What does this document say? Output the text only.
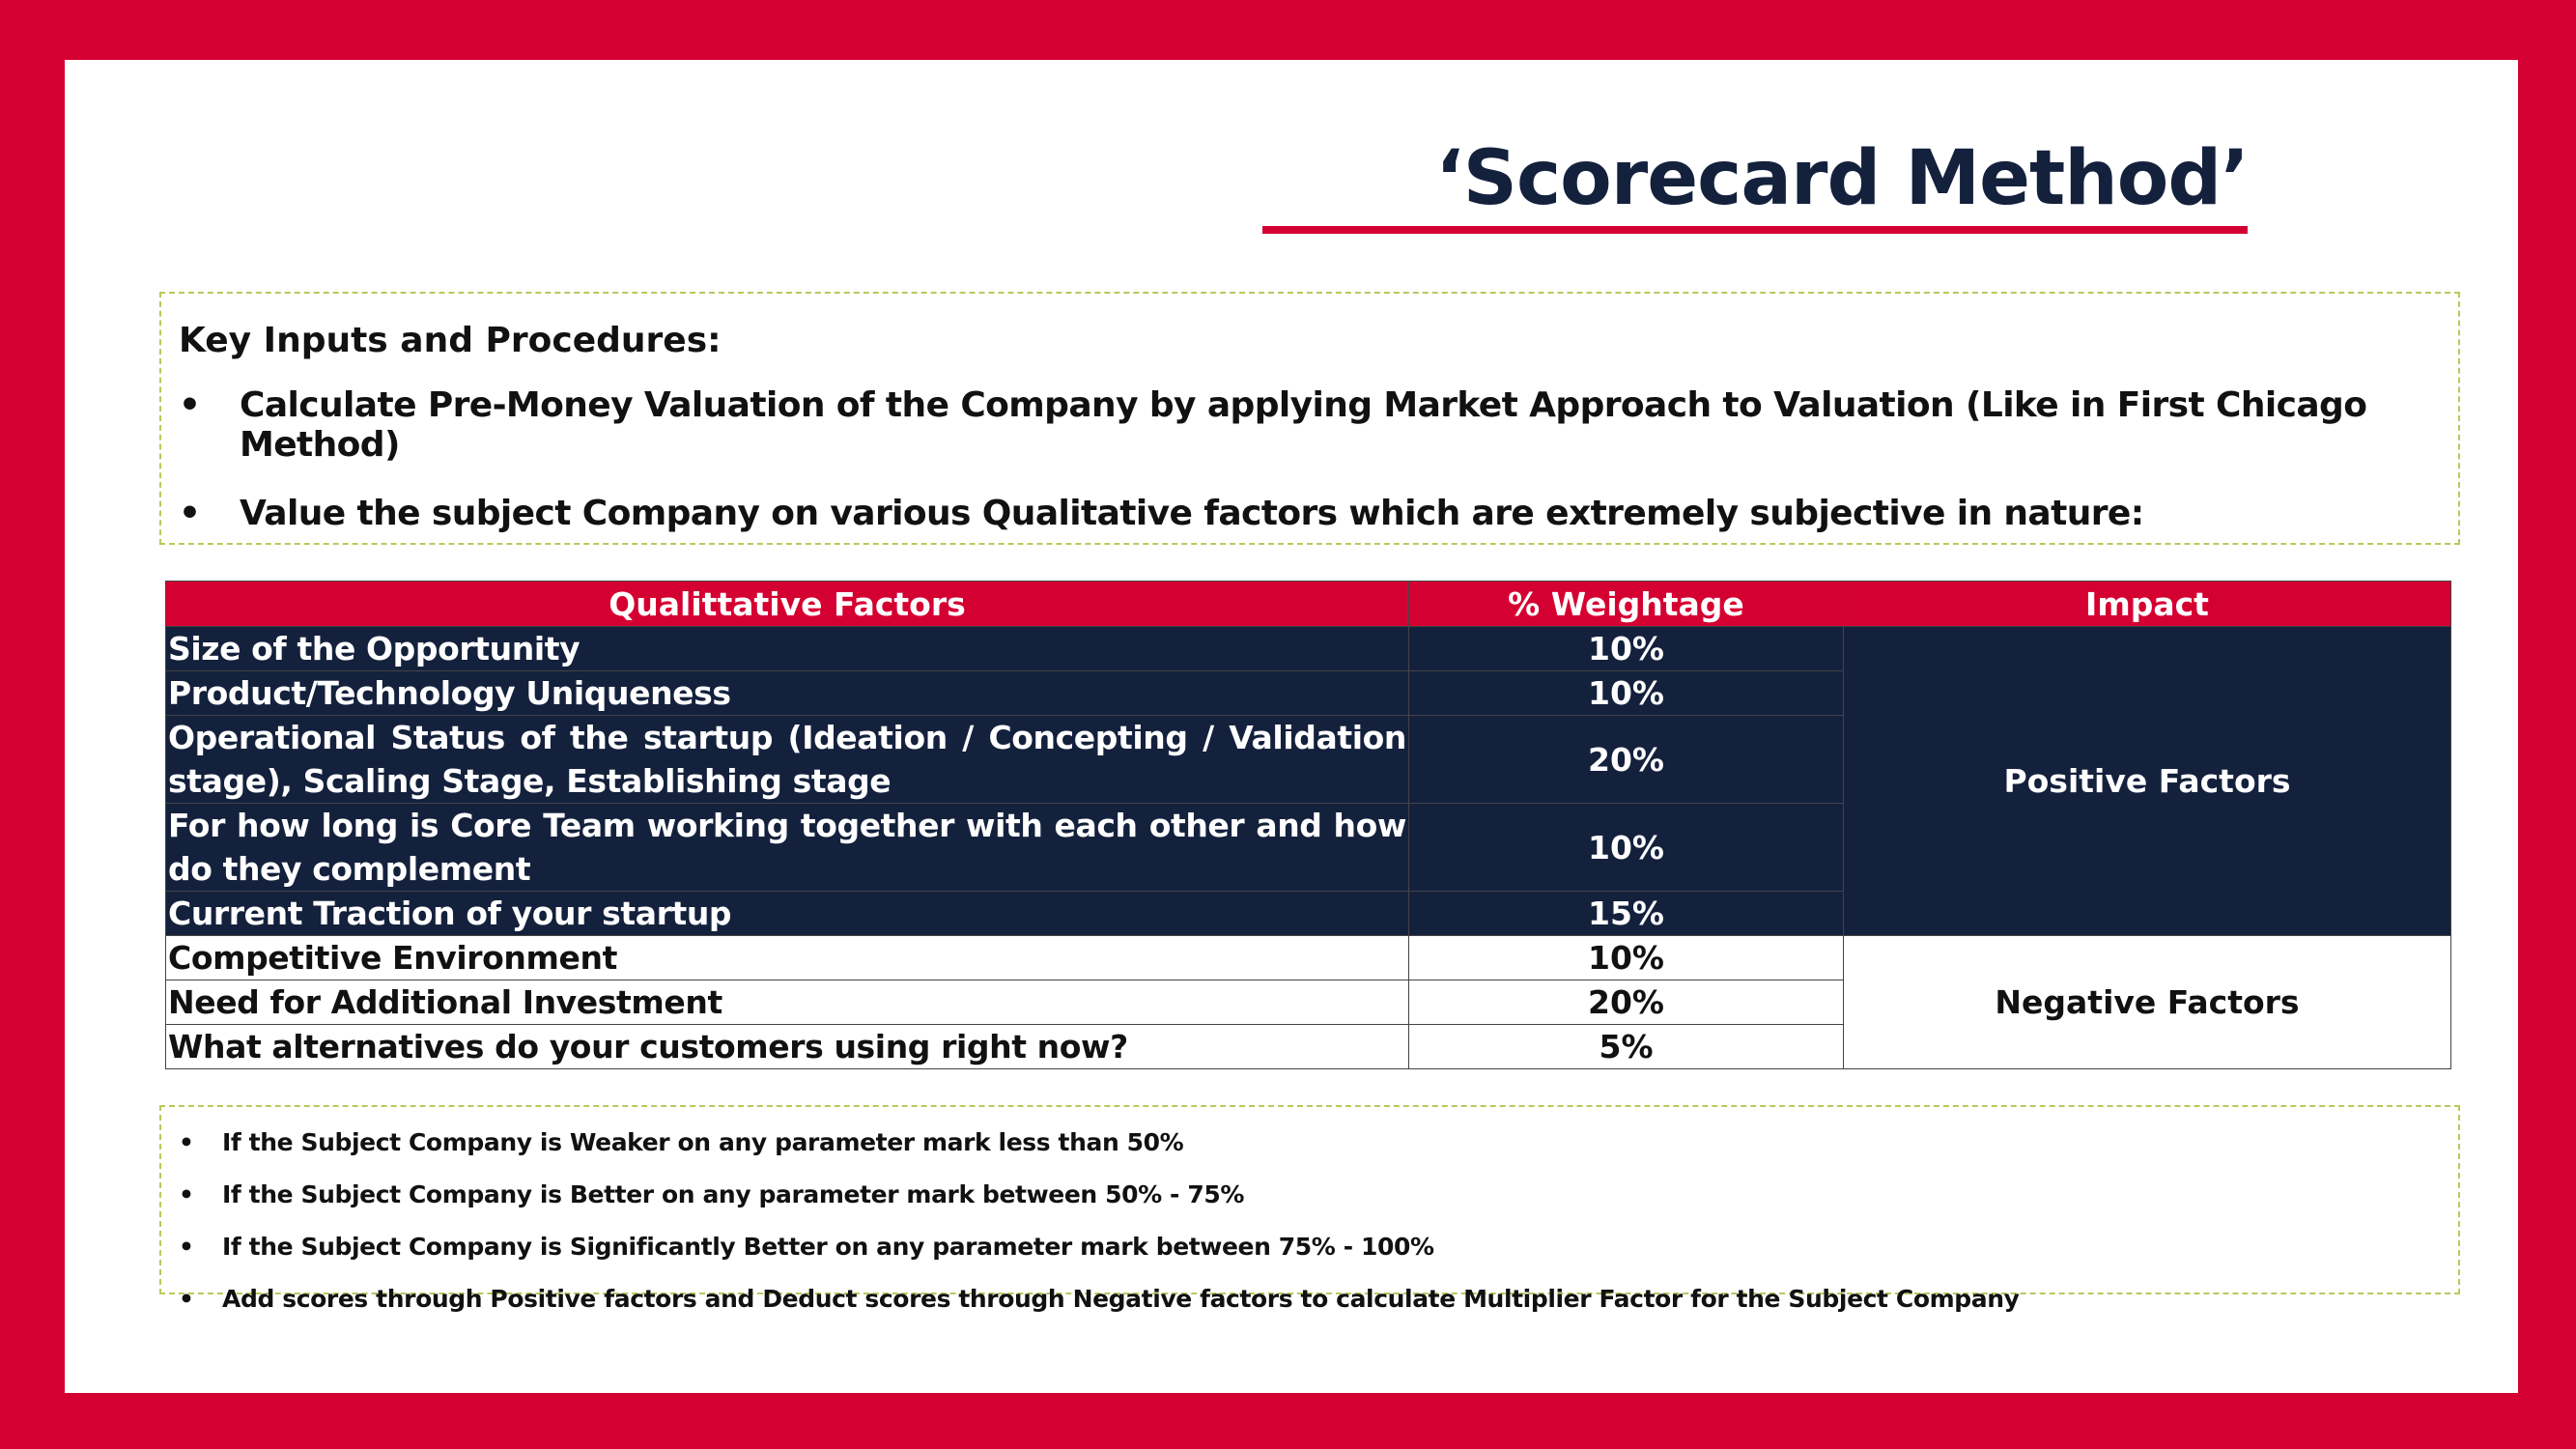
‘Scorecard Method’

Key Inputs and Procedures:

• Calculate Pre-Money Valuation of the Company by applying Market Approach to Valuation (Like in First Chicago Method)
• Value the subject Company on various Qualitative factors which are extremely subjective in nature:
Qualittative Factors	% Weightage	Impact
Size of the Opportunity	10%	Positive Factors
Product/Technology Uniqueness	10%	
Operational Status of the startup (Ideation / Concepting / Validation stage), Scaling Stage, Establishing stage	20%	
For how long is Core Team working together with each other and how do they complement	10%	
Current Traction of your startup	15%	
Competitive Environment	10%	Negative Factors
Need for Additional Investment	20%	
What alternatives do your customers using right now?	5%	
• If the Subject Company is Weaker on any parameter mark less than 50%
• If the Subject Company is Better on any parameter mark between 50% - 75%
• If the Subject Company is Significantly Better on any parameter mark between 75% - 100%
• Add scores through Positive factors and Deduct scores through Negative factors to calculate Multiplier Factor for the Subject Company
